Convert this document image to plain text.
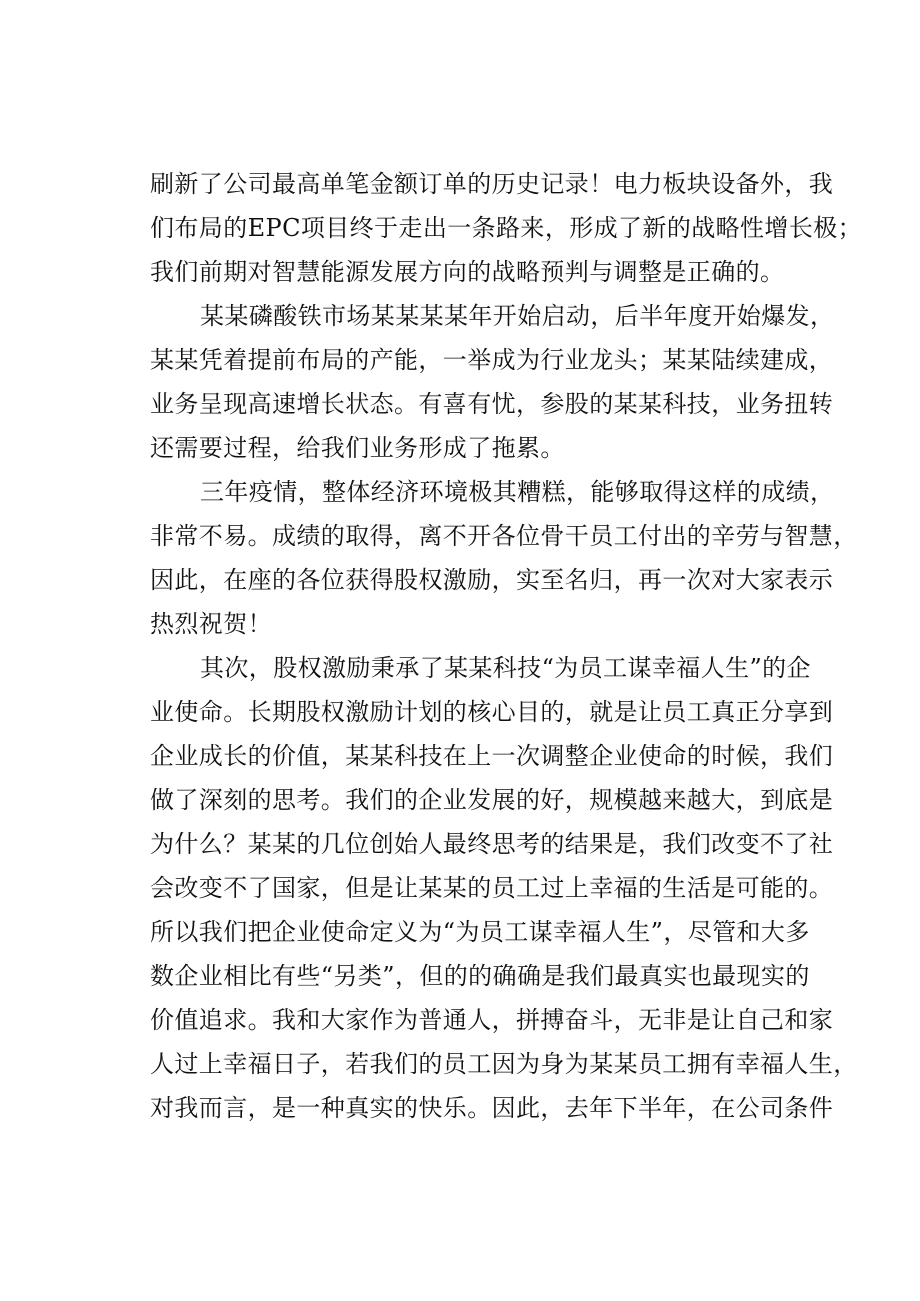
刷新了公司最高单笔金额订单的历史记录！电力板块设备外，我
们布局的EPC项目终于走出一条路来，形成了新的战略性增长极；
我们前期对智慧能源发展方向的战略预判与调整是正确的。
某某磷酸铁市场某某某某年开始启动，后半年度开始爆发，
某某凭着提前布局的产能，一举成为行业龙头；某某陆续建成，
业务呈现高速增长状态。有喜有忧，参股的某某科技，业务扭转
还需要过程，给我们业务形成了拖累。
三年疫情，整体经济环境极其糟糕，能够取得这样的成绩，
非常不易。成绩的取得，离不开各位骨干员工付出的辛劳与智慧，
因此，在座的各位获得股权激励，实至名归，再一次对大家表示
热烈祝贺！
其次，股权激励秉承了某某科技“为员工谋幸福人生”的企
业使命。长期股权激励计划的核心目的，就是让员工真正分享到
企业成长的价值，某某科技在上一次调整企业使命的时候，我们
做了深刻的思考。我们的企业发展的好，规模越来越大，到底是
为什么？某某的几位创始人最终思考的结果是，我们改变不了社
会改变不了国家，但是让某某的员工过上幸福的生活是可能的。
所以我们把企业使命定义为“为员工谋幸福人生”，尽管和大多
数企业相比有些“另类”，但的的确确是我们最真实也最现实的
价值追求。我和大家作为普通人，拼搏奋斗，无非是让自己和家
人过上幸福日子，若我们的员工因为身为某某员工拥有幸福人生，
对我而言，是一种真实的快乐。因此，去年下半年，在公司条件
